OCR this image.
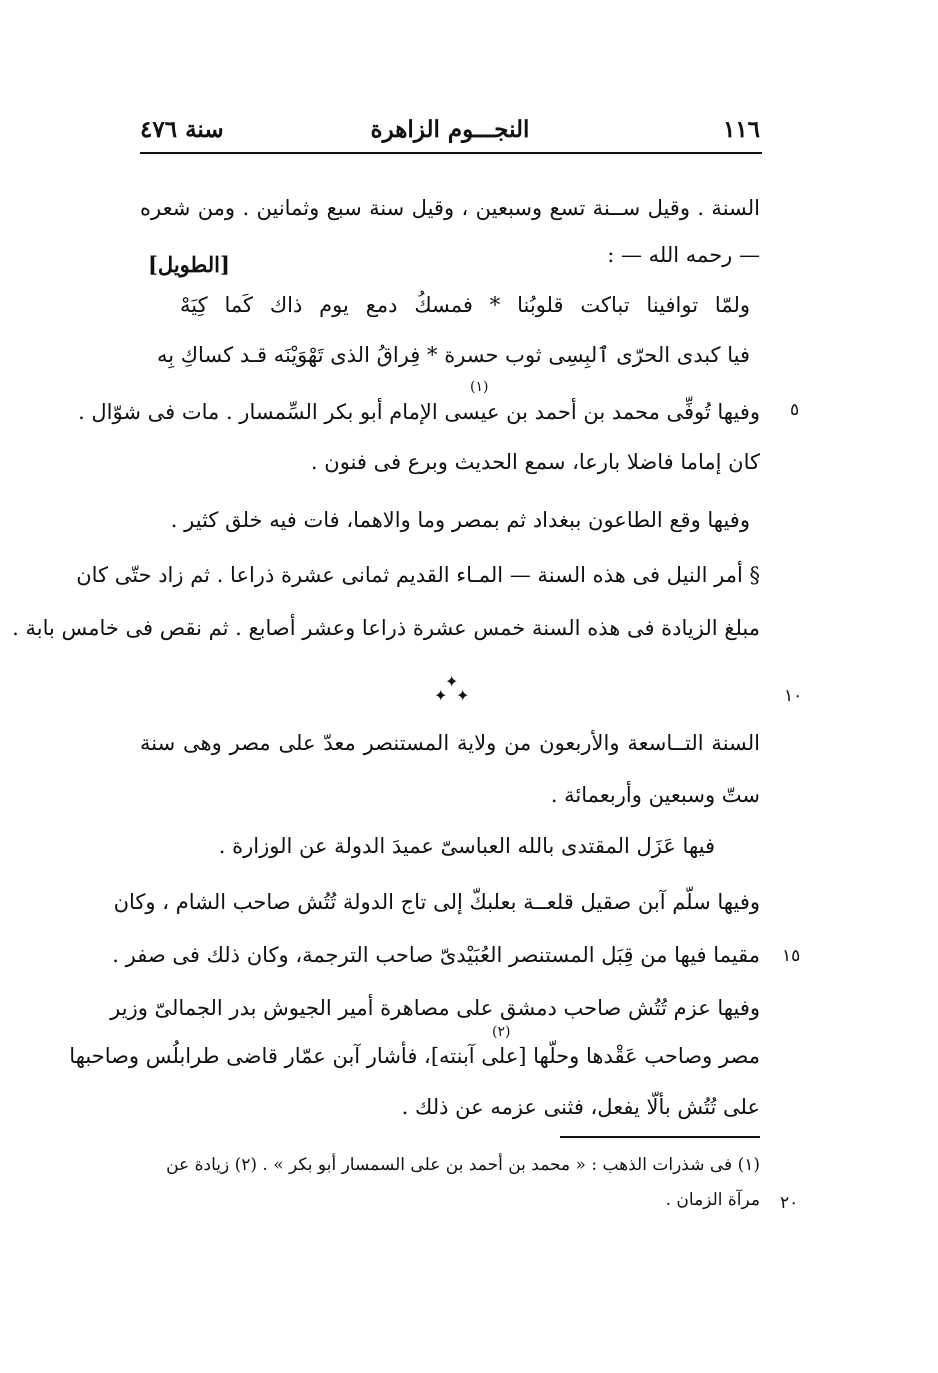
١١٦
النجـــوم الزاهرة
سنة ٤٧٦
السنة . وقيل ســنة تسع وسبعين ، وقيل سنة سبع وثمانين . ومن شعره
— رحمه الله — :
[الطويل]
ولمّا توافينا تباكت قلوبُنا * فمسكُ دمع يوم ذاك كَما كِيَهْ
فيا كبدى الحرّى ٱلبِسِى ثوب حسرة * فِراقُ الذى تَهْوَيْنَه قـد كساكِ بِه
(١)
وفيها تُوفِّى محمد بن أحمد بن عيسى الإمام أبو بكر السِّمسار . مات فى شوّال . ٥
كان إماما فاضلا بارعا، سمع الحديث وبرع فى فنون .
وفيها وقع الطاعون ببغداد ثم بمصر وما والاهما، فات فيه خلق كثير .
§ أمر النيل فى هذه السنة — المـاء القديم ثمانى عشرة ذراعا . ثم زاد حتّى كان
مبلغ الزيادة فى هذه السنة خمس عشرة ذراعا وعشر أصابع . ثم نقص فى خامس بابة .
✦
✦ ✦	١٠
السنة التــاسعة والأربعون من ولاية المستنصر معدّ على مصر وهى سنة
ستّ وسبعين وأربعمائة .
فيها عَزَل المقتدى بالله العباسىّ عميدَ الدولة عن الوزارة .
وفيها سلّم آبن صقيل قلعــة بعلبكّ إلى تاج الدولة تُتُش صاحب الشام ، وكان
مقيما فيها من قِبَل المستنصر العُبَيْدىّ صاحب الترجمة، وكان ذلك فى صفر . ١٥
وفيها عزم تُتُش صاحب دمشق على مصاهرة أمير الجيوش بدر الجمالىّ وزير
(٢)
مصر وصاحب عَقْدها وحلّها [على آبنته]، فأشار آبن عمّار قاضى طرابلُس وصاحبها
على تُتُش بألّا يفعل، فثنى عزمه عن ذلك .
(١) فى شذرات الذهب : « محمد بن أحمد بن على السمسار أبو بكر » . (٢) زيادة عن
مرآة الزمان . ٢٠
